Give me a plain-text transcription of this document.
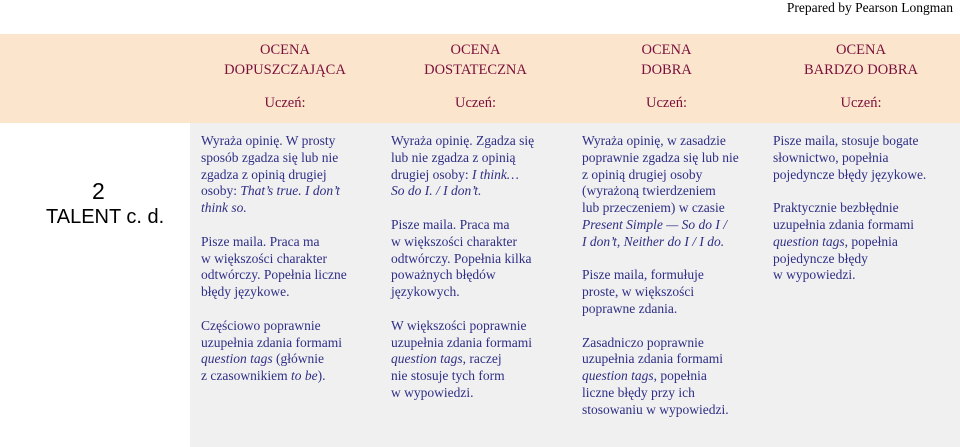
Prepared by Pearson Longman
OCENA
DOPUSZCZAJĄCA
Uczeń:
OCENA
DOSTATECZNA
Uczeń:
OCENA
DOBRA
Uczeń:
OCENA
BARDZO DOBRA
Uczeń:
2
TALENT c. d.

Wyraża opinię. W prosty
sposób zgadza się lub nie
zgadza z opinią drugiej
osoby: That’s true. I don’t
think so.

Pisze maila. Praca ma
w większości charakter
odtwórczy. Popełnia liczne
błędy językowe.

Częściowo poprawnie
uzupełnia zdania formami
question tags (głównie
z czasownikiem to be).

Wyraża opinię. Zgadza się
lub nie zgadza z opinią
drugiej osoby: I think…
So do I. / I don’t.

Pisze maila. Praca ma
w większości charakter
odtwórczy. Popełnia kilka
poważnych błędów
językowych.

W większości poprawnie
uzupełnia zdania formami
question tags, raczej
nie stosuje tych form
w wypowiedzi.

Wyraża opinię, w zasadzie
poprawnie zgadza się lub nie
z opinią drugiej osoby
(wyrażoną twierdzeniem
lub przeczeniem) w czasie
Present Simple — So do I /
I don’t, Neither do I / I do.

Pisze maila, formułuje
proste, w większości
poprawne zdania.

Zasadniczo poprawnie
uzupełnia zdania formami
question tags, popełnia
liczne błędy przy ich
stosowaniu w wypowiedzi.

Pisze maila, stosuje bogate
słownictwo, popełnia
pojedyncze błędy językowe.

Praktycznie bezbłędnie
uzupełnia zdania formami
question tags, popełnia
pojedyncze błędy
w wypowiedzi.
